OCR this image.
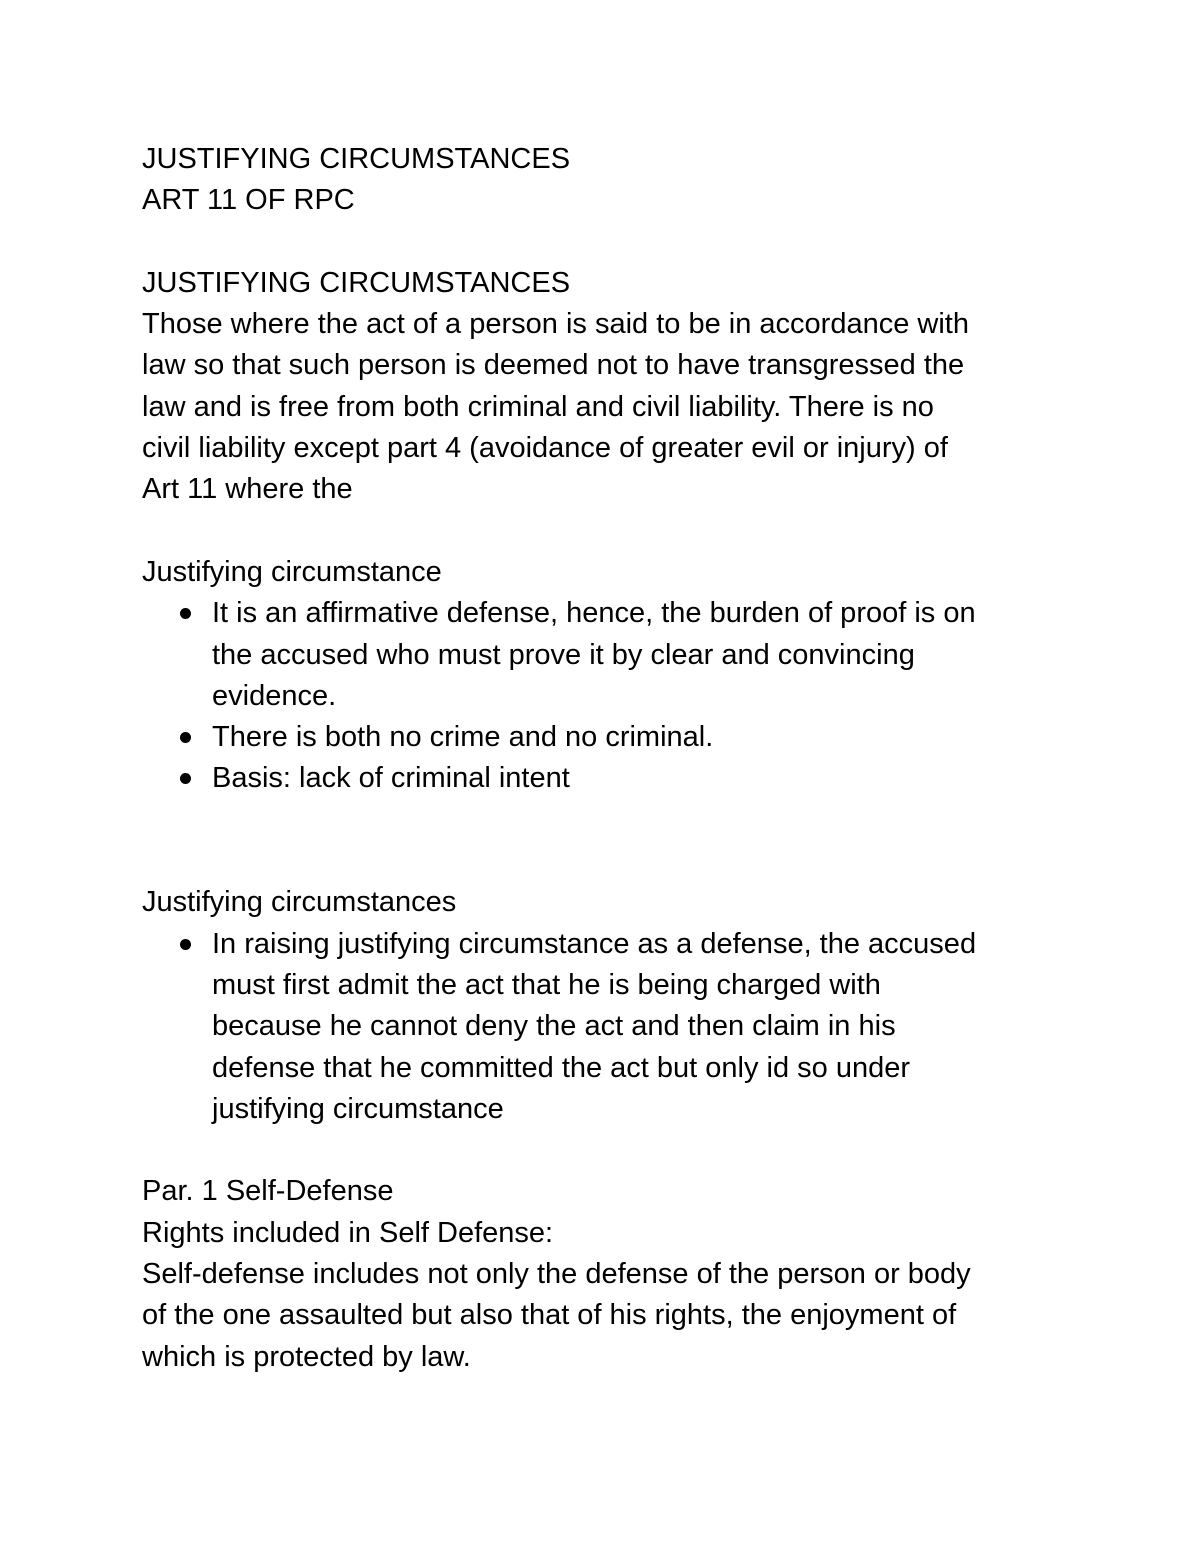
JUSTIFYING CIRCUMSTANCES
ART 11 OF RPC
JUSTIFYING CIRCUMSTANCES
Those where the act of a person is said to be in accordance with
law so that such person is deemed not to have transgressed the
law and is free from both criminal and civil liability. There is no
civil liability except part 4 (avoidance of greater evil or injury) of
Art 11 where the
Justifying circumstance
It is an affirmative defense, hence, the burden of proof is on
the accused who must prove it by clear and convincing
evidence.
There is both no crime and no criminal.
Basis: lack of criminal intent
Justifying circumstances
In raising justifying circumstance as a defense, the accused
must first admit the act that he is being charged with
because he cannot deny the act and then claim in his
defense that he committed the act but only id so under
justifying circumstance
Par. 1 Self-Defense
Rights included in Self Defense:
Self-defense includes not only the defense of the person or body
of the one assaulted but also that of his rights, the enjoyment of
which is protected by law.
